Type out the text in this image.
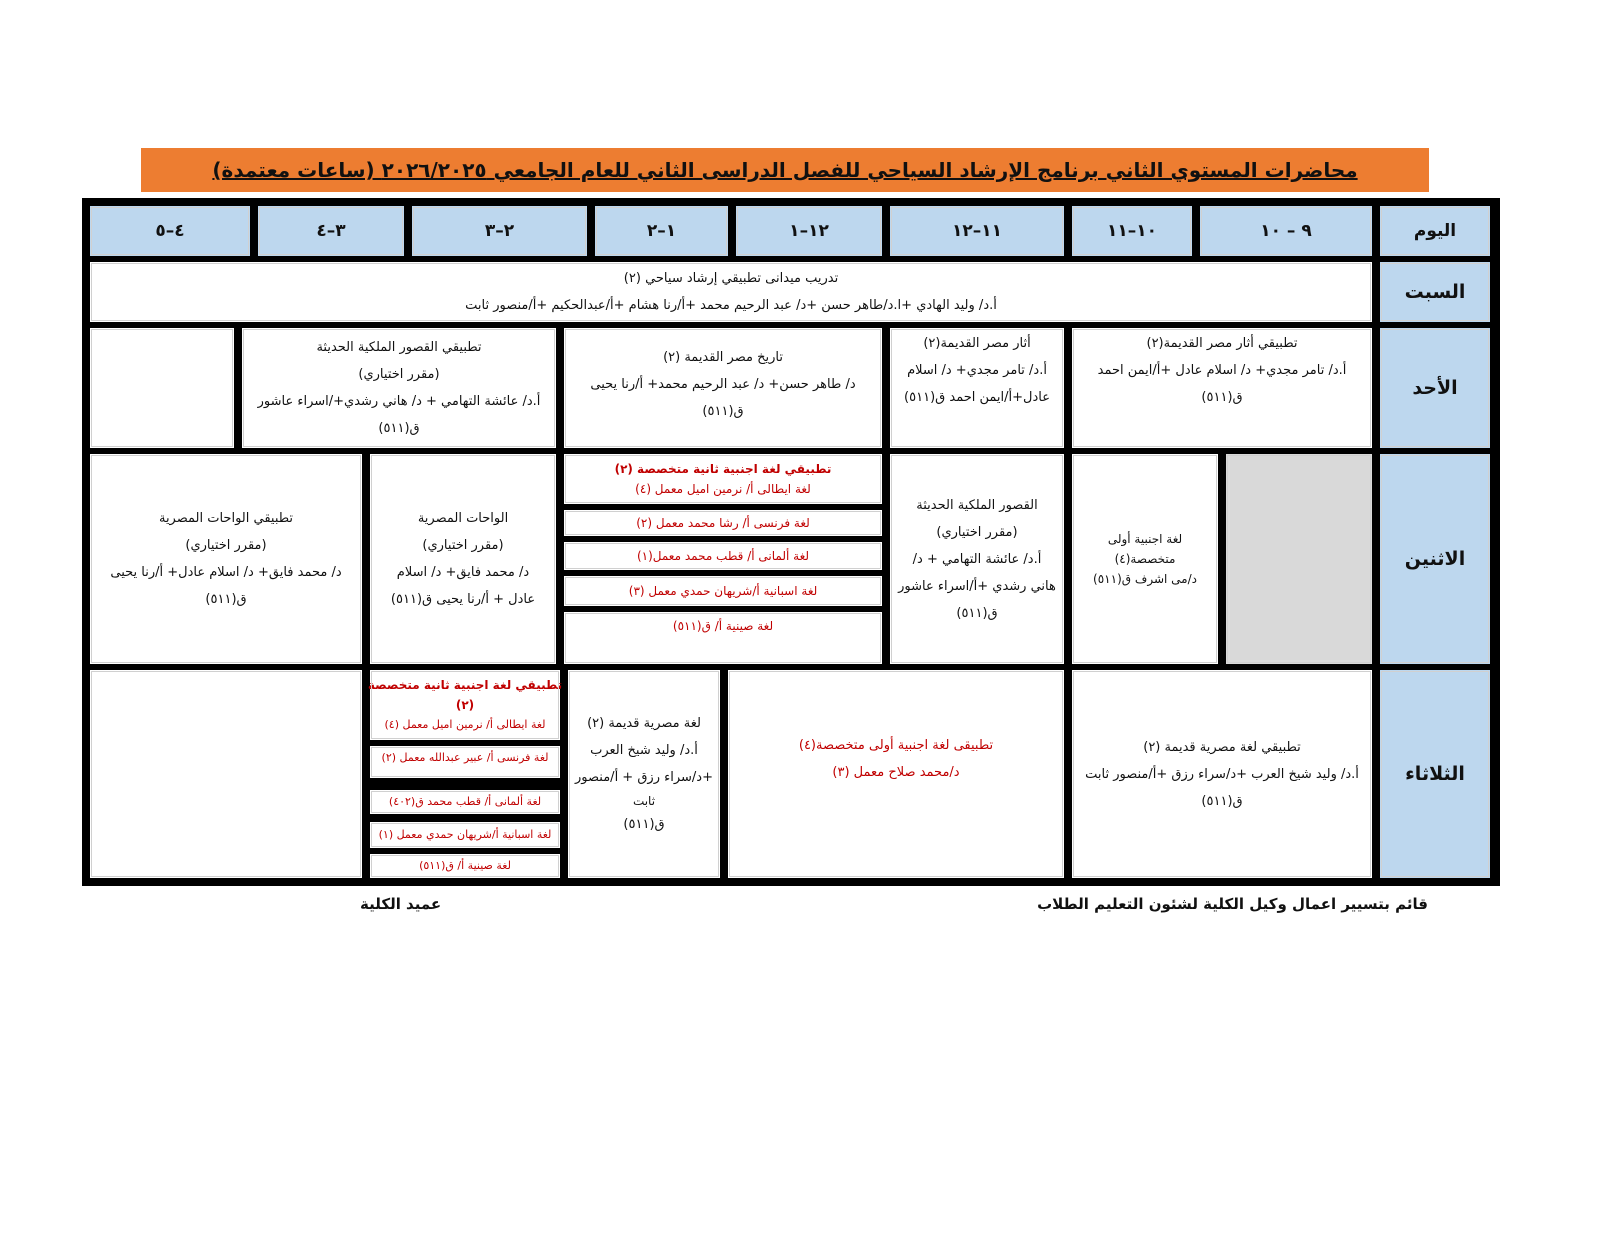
محاضرات المستوي الثاني برنامج الإرشاد السياحي للفصل الدراسى الثاني للعام الجامعي ٢٠٢٦/٢٠٢٥ (ساعات معتمدة)
اليوم
٩ – ١٠
١٠–١١
١١–١٢
١٢–١
١–٢
٢–٣
٣–٤
٤–٥
السبت
تدريب ميدانى تطبيقي إرشاد سياحي (٢)
أ.د/ وليد الهادي +ا.د/طاهر حسن +د/ عبد الرحيم محمد +أ/رنا هشام +أ/عبدالحكيم +أ/منصور ثابت
الأحد
تطبيقي أثار مصر القديمة(٢)
أ.د/ تامر مجدي+ د/ اسلام عادل +أ/ايمن احمد
ق(٥١١)
أثار مصر القديمة(٢)
أ.د/ تامر مجدي+ د/ اسلام
عادل+أ/ايمن احمد ق(٥١١)
تاريخ مصر القديمة (٢)
د/ طاهر حسن+ د/ عبد الرحيم محمد+ أ/رنا يحيى
ق(٥١١)
تطبيقي القصور الملكية الحديثة
(مقرر اختياري)
أ.د/ عائشة التهامي + د/ هاني رشدي+/اسراء عاشور
ق(٥١١)
الاثنين
لغة اجنبية أولى
متخصصة(٤)
د/مى اشرف ق(٥١١)
القصور الملكية الحديثة
(مقرر اختياري)
أ.د/ عائشة التهامي + د/
هاني رشدي +أ/اسراء عاشور
ق(٥١١)
تطبيقي لغة اجنبية ثانية متخصصة (٢)
لغة ايطالى أ/ نرمين اميل معمل (٤)
لغة فرنسى أ/ رشا محمد معمل (٢)
لغة ألمانى أ/ قطب محمد معمل(١)
لغة اسبانية أ/شريهان حمدي معمل (٣)
لغة صينية أ/ ق(٥١١)
الواحات المصرية
(مقرر اختياري)
د/ محمد فايق+ د/ اسلام
عادل + أ/رنا يحيى ق(٥١١)
تطبيقي الواحات المصرية
(مقرر اختياري)
د/ محمد فايق+ د/ اسلام عادل+ أ/رنا يحيى
ق(٥١١)
الثلاثاء
تطبيقي لغة مصرية قديمة (٢)
أ.د/ وليد شيخ العرب +د/سراء رزق +أ/منصور ثابت
ق(٥١١)
تطبيقى لغة اجنبية أولى متخصصة(٤)
د/محمد صلاح معمل (٣)
لغة مصرية قديمة (٢)
أ.د/ وليد شيخ العرب
+د/سراء رزق + أ/منصور
ثابت
ق(٥١١)
تطبيقي لغة اجنبية ثانية متخصصة
(٢)
لغة ايطالى أ/ نرمين اميل معمل (٤)
لغة فرنسى أ/ عبير عبدالله معمل (٢)
لغة ألمانى أ/ قطب محمد ق(٤٠٢)
لغة اسبانية أ/شريهان حمدي معمل (١)
لغة صينية أ/ ق(٥١١)
قائم بتسيير اعمال وكيل الكلية لشئون التعليم الطلاب
عميد الكلية
